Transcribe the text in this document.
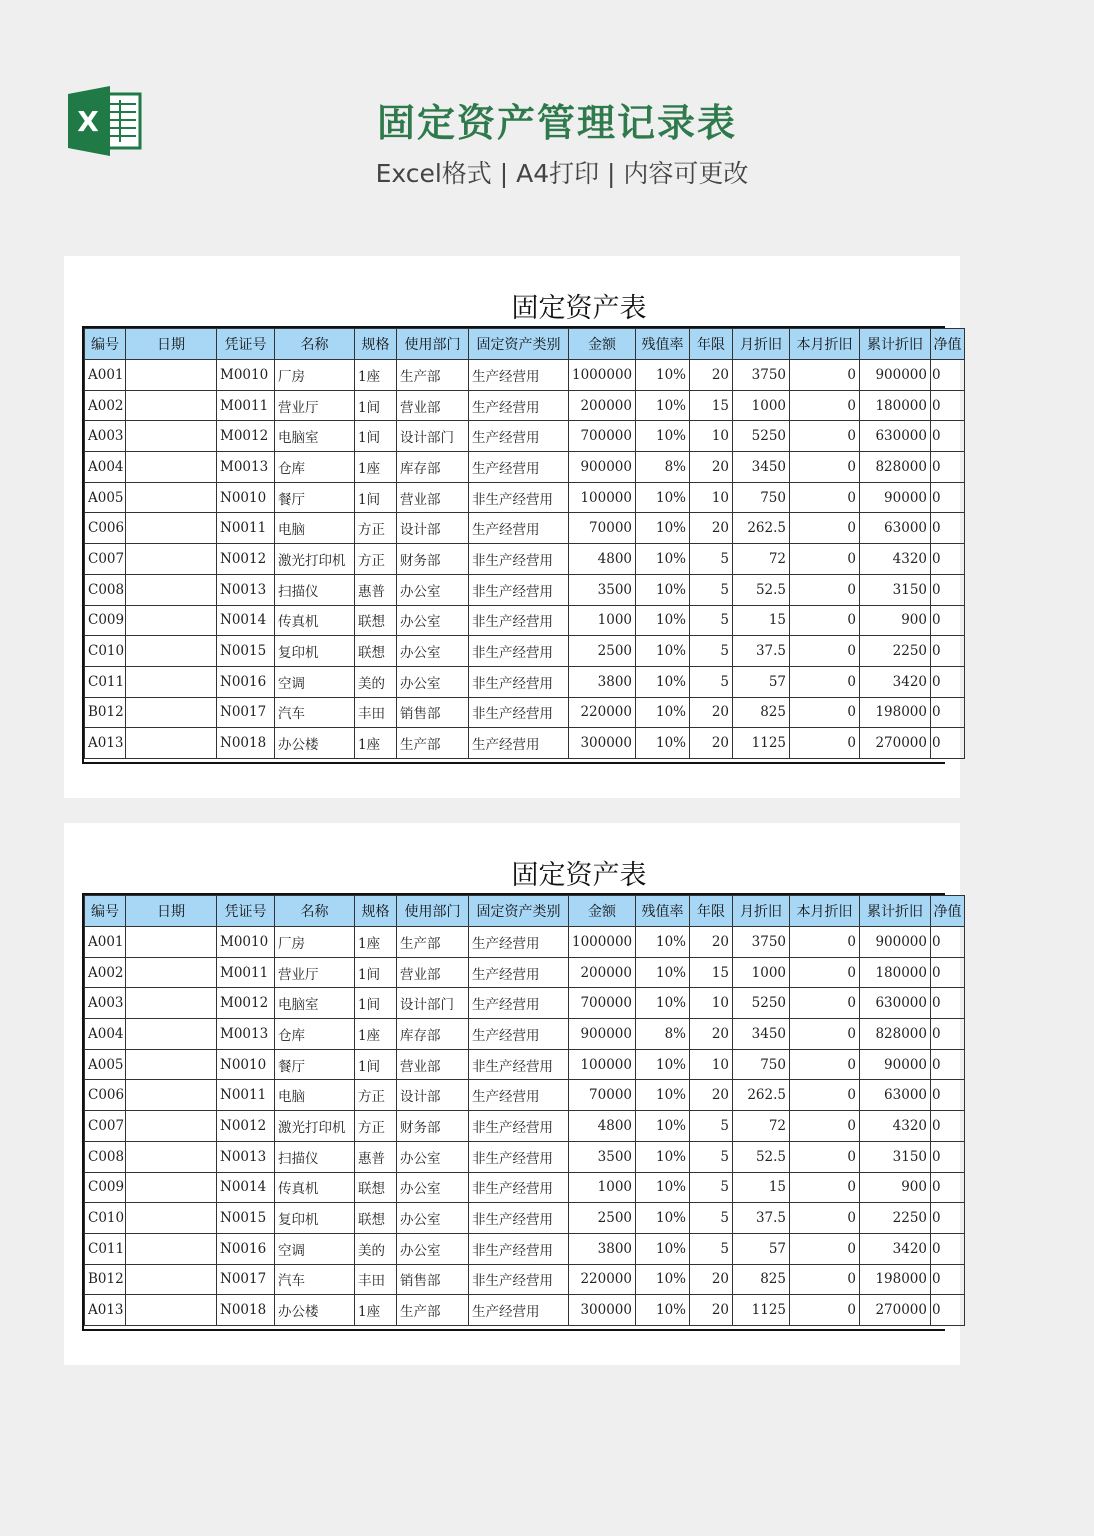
X	固定资产管理记录表
Excel格式 | A4打印 | 内容可更改
固定资产表
编号	日期	凭证号	名称	规格	使用部门	固定资产类别	金额	残值率	年限	月折旧	本月折旧	累计折旧	净值
A001		M0010	厂房	1座	生产部	生产经营用	1000000	10%	20	3750	0	900000	0
A002		M0011	营业厅	1间	营业部	生产经营用	200000	10%	15	1000	0	180000	0
A003		M0012	电脑室	1间	设计部门	生产经营用	700000	10%	10	5250	0	630000	0
A004		M0013	仓库	1座	库存部	生产经营用	900000	8%	20	3450	0	828000	0
A005		N0010	餐厅	1间	营业部	非生产经营用	100000	10%	10	750	0	90000	0
C006		N0011	电脑	方正	设计部	生产经营用	70000	10%	20	262.5	0	63000	0
C007		N0012	激光打印机	方正	财务部	非生产经营用	4800	10%	5	72	0	4320	0
C008		N0013	扫描仪	惠普	办公室	非生产经营用	3500	10%	5	52.5	0	3150	0
C009		N0014	传真机	联想	办公室	非生产经营用	1000	10%	5	15	0	900	0
C010		N0015	复印机	联想	办公室	非生产经营用	2500	10%	5	37.5	0	2250	0
C011		N0016	空调	美的	办公室	非生产经营用	3800	10%	5	57	0	3420	0
B012		N0017	汽车	丰田	销售部	非生产经营用	220000	10%	20	825	0	198000	0
A013		N0018	办公楼	1座	生产部	生产经营用	300000	10%	20	1125	0	270000	0
固定资产表
编号	日期	凭证号	名称	规格	使用部门	固定资产类别	金额	残值率	年限	月折旧	本月折旧	累计折旧	净值
A001		M0010	厂房	1座	生产部	生产经营用	1000000	10%	20	3750	0	900000	0
A002		M0011	营业厅	1间	营业部	生产经营用	200000	10%	15	1000	0	180000	0
A003		M0012	电脑室	1间	设计部门	生产经营用	700000	10%	10	5250	0	630000	0
A004		M0013	仓库	1座	库存部	生产经营用	900000	8%	20	3450	0	828000	0
A005		N0010	餐厅	1间	营业部	非生产经营用	100000	10%	10	750	0	90000	0
C006		N0011	电脑	方正	设计部	生产经营用	70000	10%	20	262.5	0	63000	0
C007		N0012	激光打印机	方正	财务部	非生产经营用	4800	10%	5	72	0	4320	0
C008		N0013	扫描仪	惠普	办公室	非生产经营用	3500	10%	5	52.5	0	3150	0
C009		N0014	传真机	联想	办公室	非生产经营用	1000	10%	5	15	0	900	0
C010		N0015	复印机	联想	办公室	非生产经营用	2500	10%	5	37.5	0	2250	0
C011		N0016	空调	美的	办公室	非生产经营用	3800	10%	5	57	0	3420	0
B012		N0017	汽车	丰田	销售部	非生产经营用	220000	10%	20	825	0	198000	0
A013		N0018	办公楼	1座	生产部	生产经营用	300000	10%	20	1125	0	270000	0
